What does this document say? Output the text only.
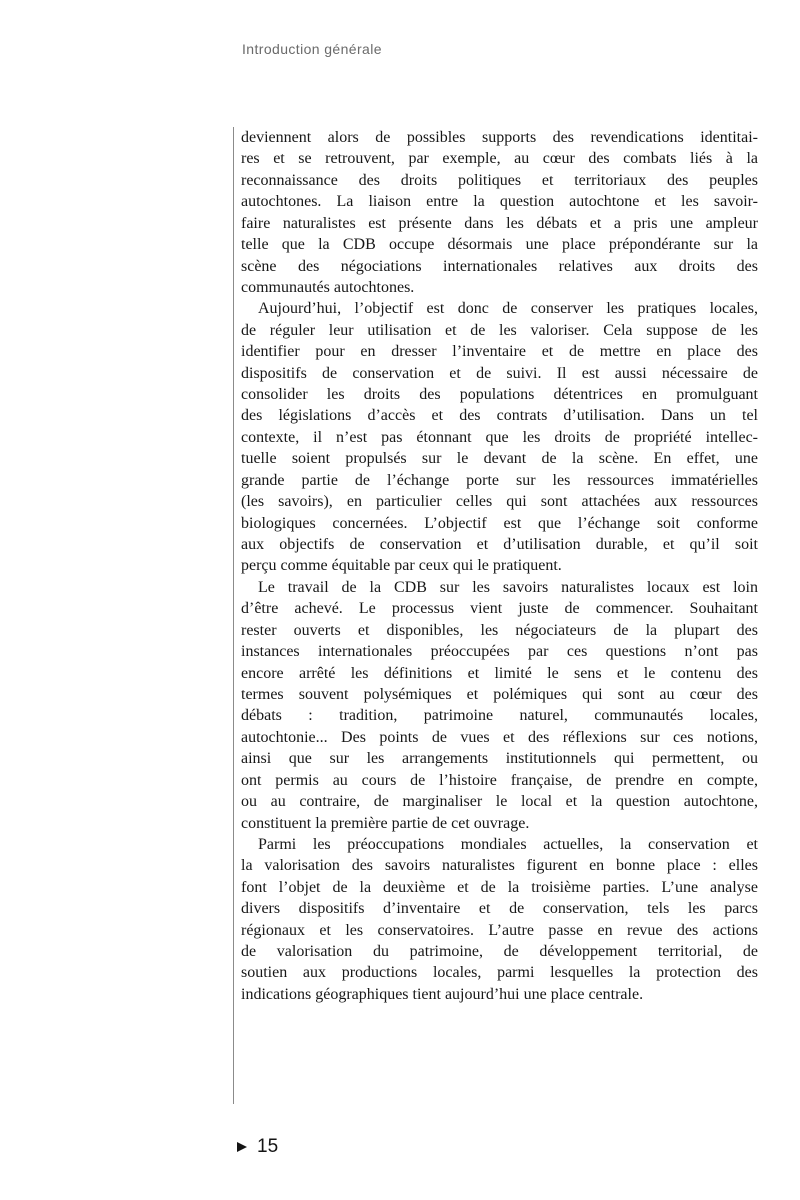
Introduction générale
deviennent alors de possibles supports des revendications identitai-
res et se retrouvent, par exemple, au cœur des combats liés à la
reconnaissance des droits politiques et territoriaux des peuples
autochtones. La liaison entre la question autochtone et les savoir-
faire naturalistes est présente dans les débats et a pris une ampleur
telle que la CDB occupe désormais une place prépondérante sur la
scène des négociations internationales relatives aux droits des
communautés autochtones.
Aujourd’hui, l’objectif est donc de conserver les pratiques locales,
de réguler leur utilisation et de les valoriser. Cela suppose de les
identifier pour en dresser l’inventaire et de mettre en place des
dispositifs de conservation et de suivi. Il est aussi nécessaire de
consolider les droits des populations détentrices en promulguant
des législations d’accès et des contrats d’utilisation. Dans un tel
contexte, il n’est pas étonnant que les droits de propriété intellec-
tuelle soient propulsés sur le devant de la scène. En effet, une
grande partie de l’échange porte sur les ressources immatérielles
(les savoirs), en particulier celles qui sont attachées aux ressources
biologiques concernées. L’objectif est que l’échange soit conforme
aux objectifs de conservation et d’utilisation durable, et qu’il soit
perçu comme équitable par ceux qui le pratiquent.
Le travail de la CDB sur les savoirs naturalistes locaux est loin
d’être achevé. Le processus vient juste de commencer. Souhaitant
rester ouverts et disponibles, les négociateurs de la plupart des
instances internationales préoccupées par ces questions n’ont pas
encore arrêté les définitions et limité le sens et le contenu des
termes souvent polysémiques et polémiques qui sont au cœur des
débats : tradition, patrimoine naturel, communautés locales,
autochtonie... Des points de vues et des réflexions sur ces notions,
ainsi que sur les arrangements institutionnels qui permettent, ou
ont permis au cours de l’histoire française, de prendre en compte,
ou au contraire, de marginaliser le local et la question autochtone,
constituent la première partie de cet ouvrage.
Parmi les préoccupations mondiales actuelles, la conservation et
la valorisation des savoirs naturalistes figurent en bonne place : elles
font l’objet de la deuxième et de la troisième parties. L’une analyse
divers dispositifs d’inventaire et de conservation, tels les parcs
régionaux et les conservatoires. L’autre passe en revue des actions
de valorisation du patrimoine, de développement territorial, de
soutien aux productions locales, parmi lesquelles la protection des
indications géographiques tient aujourd’hui une place centrale.
15
